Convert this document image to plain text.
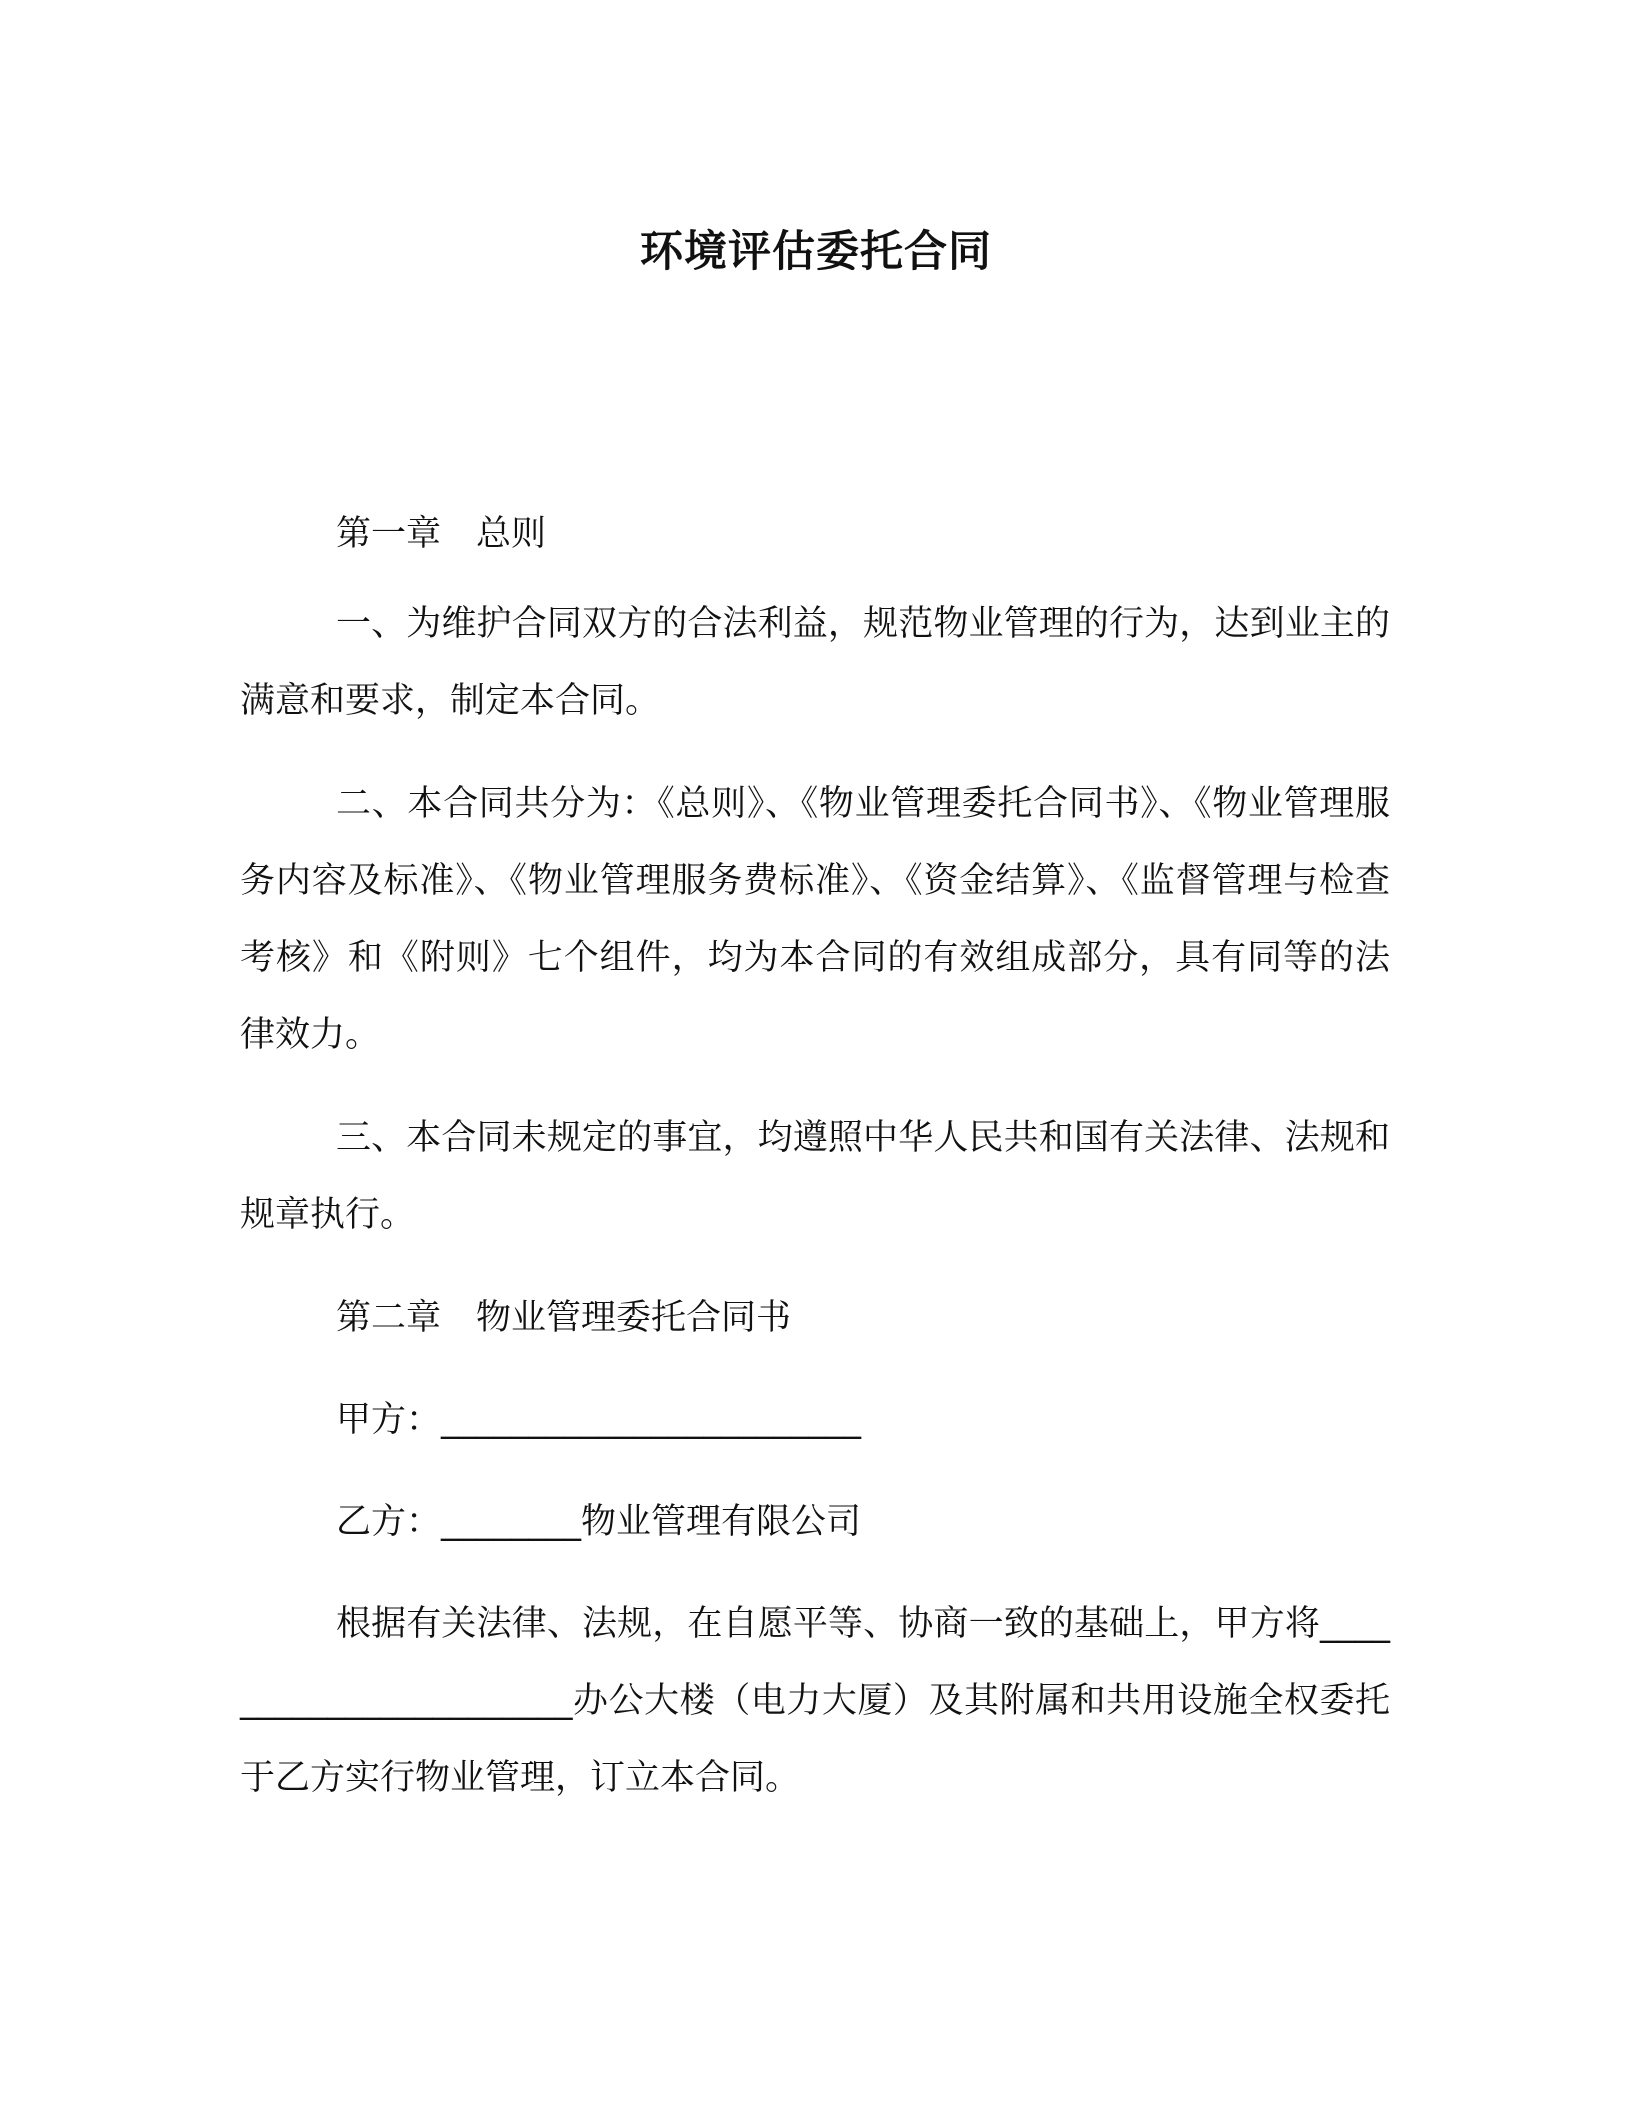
环境评估委托合同
第一章　总则
一、为维护合同双方的合法利益，规范物业管理的行为，达到业主的满意和要求，制定本合同。
二、本合同共分为：《总则》、《物业管理委托合同书》、《物业管理服务内容及标准》、《物业管理服务费标准》、《资金结算》、《监督管理与检查考核》和《附则》七个组件，均为本合同的有效组成部分，具有同等的法律效力。
三、本合同未规定的事宜，均遵照中华人民共和国有关法律、法规和规章执行。
第二章　物业管理委托合同书
甲方：________________________
乙方：________物业管理有限公司
根据有关法律、法规，在自愿平等、协商一致的基础上，甲方将_______________________办公大楼（电力大厦）及其附属和共用设施全权委托于乙方实行物业管理，订立本合同。
